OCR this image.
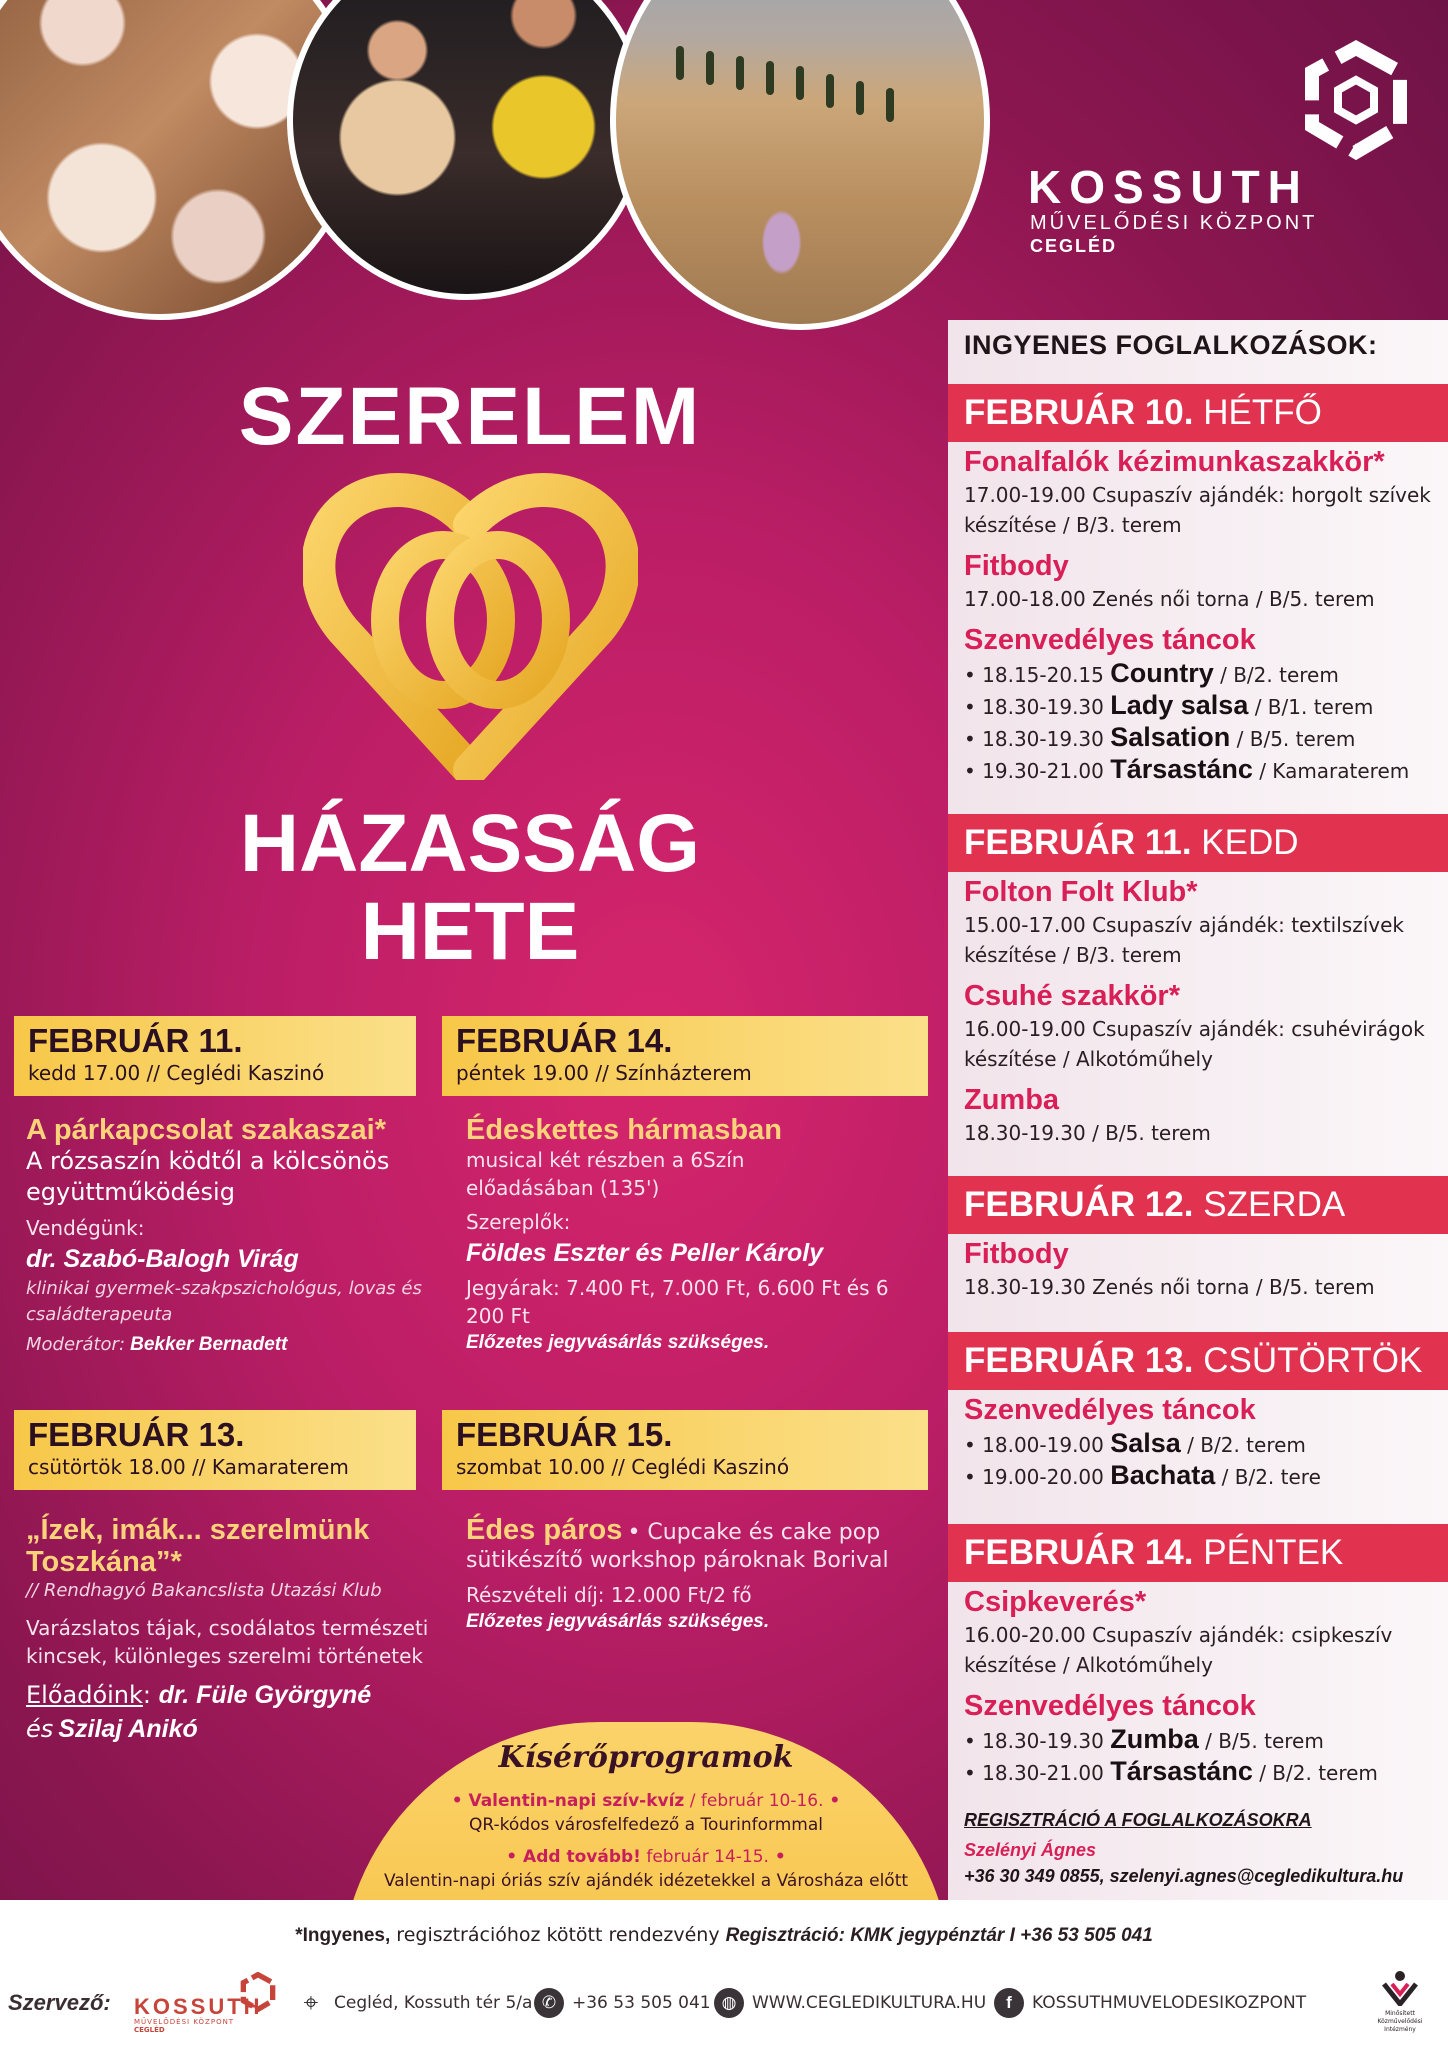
KOSSUTH
MŰVELŐDÉSI KÖZPONT
CEGLÉD
SZERELEM
HÁZASSÁG
HETE
FEBRUÁR 11.
kedd 17.00 // Ceglédi Kaszinó
A párkapcsolat szakaszai*
A rózsaszín ködtől a kölcsönös együttműködésig
Vendégünk:
dr. Szabó-Balogh Virág
klinikai gyermek-szakpszichológus, lovas és családterapeuta
Moderátor: Bekker Bernadett
FEBRUÁR 14.
péntek 19.00 // Színházterem
Édeskettes hármasban
musical két részben a 6Szín előadásában (135')
Szereplők:
Földes Eszter és Peller Károly
Jegyárak: 7.400 Ft, 7.000 Ft, 6.600 Ft és 6 200 Ft
Előzetes jegyvásárlás szükséges.
FEBRUÁR 13.
csütörtök 18.00 // Kamaraterem
„Ízek, imák... szerelmünk Toszkána”*
// Rendhagyó Bakancslista Utazási Klub
Varázslatos tájak, csodálatos természeti kincsek, különleges szerelmi történetek
Előadóink: dr. Füle Györgyné
és Szilaj Anikó
FEBRUÁR 15.
szombat 10.00 // Ceglédi Kaszinó
Édes páros • Cupcake és cake pop sütikészítő workshop pároknak Borival
Részvételi díj: 12.000 Ft/2 fő
Előzetes jegyvásárlás szükséges.
Kísérőprogramok
• Valentin-napi szív-kvíz / február 10-16. •
QR-kódos városfelfedező a Tourinformmal
• Add tovább! február 14-15. •
Valentin-napi óriás szív ajándék idézetekkel a Városháza előtt
INGYENES FOGLALKOZÁSOK:
FEBRUÁR 10. HÉTFŐ
Fonalfalók kézimunkaszakkör*
17.00-19.00 Csupaszív ajándék: horgolt szívek készítése / B/3. terem
Fitbody
17.00-18.00 Zenés női torna / B/5. terem
Szenvedélyes táncok
• 18.15-20.15 Country / B/2. terem
• 18.30-19.30 Lady salsa / B/1. terem
• 18.30-19.30 Salsation / B/5. terem
• 19.30-21.00 Társastánc / Kamaraterem
FEBRUÁR 11. KEDD
Folton Folt Klub*
15.00-17.00 Csupaszív ajándék: textilszívek készítése / B/3. terem
Csuhé szakkör*
16.00-19.00 Csupaszív ajándék: csuhévirágok készítése / Alkotóműhely
Zumba
18.30-19.30 / B/5. terem
FEBRUÁR 12. SZERDA
Fitbody
18.30-19.30 Zenés női torna / B/5. terem
FEBRUÁR 13. CSÜTÖRTÖK
Szenvedélyes táncok
• 18.00-19.00 Salsa / B/2. terem
• 19.00-20.00 Bachata / B/2. tere
FEBRUÁR 14. PÉNTEK
Csipkeverés*
16.00-20.00 Csupaszív ajándék: csipkeszív készítése / Alkotóműhely
Szenvedélyes táncok
• 18.30-19.30 Zumba / B/5. terem
• 18.30-21.00 Társastánc / B/2. terem
REGISZTRÁCIÓ A FOGLALKOZÁSOKRA
Szelényi Ágnes
+36 30 349 0855, szelenyi.agnes@cegledikultura.hu
*Ingyenes, regisztrációhoz kötött rendezvény Regisztráció: KMK jegypénztár I +36 53 505 041
Szervező: KOSSUTH
MŰVELŐDÉSI KÖZPONT
CEGLÉD
⌖ Cegléd, Kossuth tér 5/a ✆ +36 53 505 041 ◍ WWW.CEGLEDIKULTURA.HU	f KOSSUTHMUVELODESIKOZPONT
Minősített Közművelődési Intézmény
